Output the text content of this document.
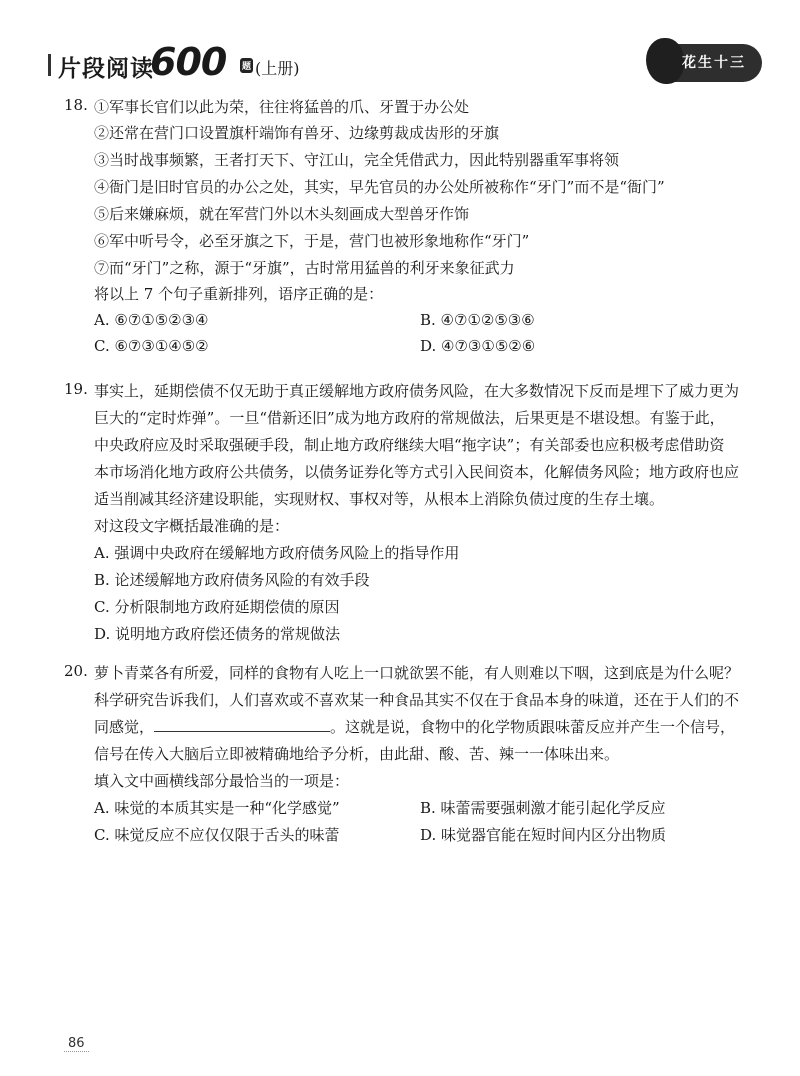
片段阅读
600 题 (上册)	花生十三
18. ①军事长官们以此为荣，往往将猛兽的爪、牙置于办公处
②还常在营门口设置旗杆端饰有兽牙、边缘剪裁成齿形的牙旗
③当时战事频繁，王者打天下、守江山，完全凭借武力，因此特别器重军事将领
④衙门是旧时官员的办公之处，其实，早先官员的办公处所被称作“牙门”而不是“衙门”
⑤后来嫌麻烦，就在军营门外以木头刻画成大型兽牙作饰
⑥军中听号令，必至牙旗之下，于是，营门也被形象地称作“牙门”
⑦而“牙门”之称，源于“牙旗”，古时常用猛兽的利牙来象征武力
将以上 7 个句子重新排列，语序正确的是：
A. ⑥⑦①⑤②③④	B. ④⑦①②⑤③⑥
C. ⑥⑦③①④⑤②	D. ④⑦③①⑤②⑥
19. 事实上，延期偿债不仅无助于真正缓解地方政府债务风险，在大多数情况下反而是埋下了威力更为
巨大的“定时炸弹”。一旦“借新还旧”成为地方政府的常规做法，后果更是不堪设想。有鉴于此，
中央政府应及时采取强硬手段，制止地方政府继续大唱“拖字诀”；有关部委也应积极考虑借助资
本市场消化地方政府公共债务，以债务证券化等方式引入民间资本，化解债务风险；地方政府也应
适当削减其经济建设职能，实现财权、事权对等，从根本上消除负债过度的生存土壤。
对这段文字概括最准确的是：
A. 强调中央政府在缓解地方政府债务风险上的指导作用
B. 论述缓解地方政府债务风险的有效手段
C. 分析限制地方政府延期偿债的原因
D. 说明地方政府偿还债务的常规做法
20. 萝卜青菜各有所爱，同样的食物有人吃上一口就欲罢不能，有人则难以下咽，这到底是为什么呢？
科学研究告诉我们，人们喜欢或不喜欢某一种食品其实不仅在于食品本身的味道，还在于人们的不
同感觉，	。这就是说，食物中的化学物质跟味蕾反应并产生一个信号，
信号在传入大脑后立即被精确地给予分析，由此甜、酸、苦、辣一一体味出来。
填入文中画横线部分最恰当的一项是：
A. 味觉的本质其实是一种“化学感觉”	B. 味蕾需要强刺激才能引起化学反应
C. 味觉反应不应仅仅限于舌头的味蕾	D. 味觉器官能在短时间内区分出物质
86
